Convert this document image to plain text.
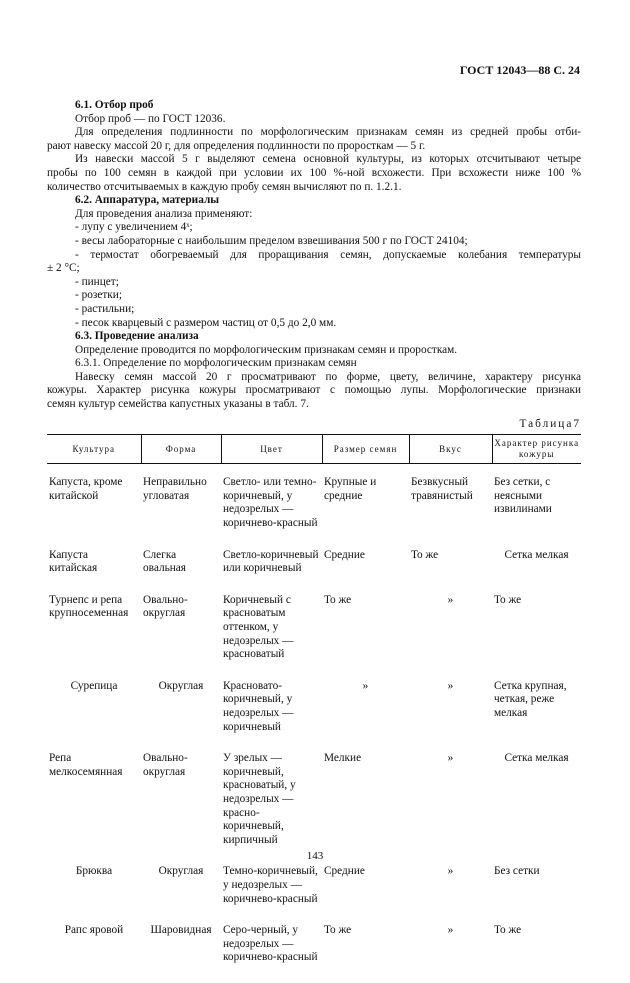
ГОСТ 12043—88 С. 24
6.1. Отбор проб
Отбор проб — по ГОСТ 12036.
Для определения подлинности по морфологическим признакам семян из средней пробы отби-
рают навеску массой 20 г, для определения подлинности по проросткам — 5 г.
Из навески массой 5 г выделяют семена основной культуры, из которых отсчитывают четыре
пробы по 100 семян в каждой при условии их 100 %-ной всхожести. При всхожести ниже 100 %
количество отсчитываемых в каждую пробу семян вычисляют по п. 1.2.1.
6.2. Аппаратура, материалы
Для проведения анализа применяют:
- лупу с увеличением 4ˣ;
- весы лабораторные с наибольшим пределом взвешивания 500 г по ГОСТ 24104;
- термостат обогреваемый для проращивания семян, допускаемые колебания температуры
± 2 °С;
- пинцет;
- розетки;
- растильни;
- песок кварцевый с размером частиц от 0,5 до 2,0 мм.
6.3. Проведение анализа
Определение проводится по морфологическим признакам семян и проросткам.
6.3.1. Определение по морфологическим признакам семян
Навеску семян массой 20 г просматривают по форме, цвету, величине, характеру рисунка
кожуры. Характер рисунка кожуры просматривают с помощью лупы. Морфологические признаки
семян культур семейства капустных указаны в табл. 7.
Таблица7
Культура	Форма	Цвет	Размер семян	Вкус	Характер рисунка кожуры
Капуста, кроме китайской	Неправильно угловатая	Светло- или темно-коричневый, у недозрелых — коричнево-красный	Крупные и средние	Безвкусный травянистый	Без сетки, с неясными извилинами
Капуста китайская	Слегка овальная	Светло-коричневый или коричневый	Средние	То же	Сетка мелкая
Турнепс и репа крупносеменная	Овально-округлая	Коричневый с красноватым оттенком, у недозрелых — красноватый	То же	»	То же
Сурепица	Округлая	Красновато-коричневый, у недозрелых — коричневый	»	»	Сетка крупная, четкая, реже мелкая
Репа мелкосемянная	Овально-округлая	У зрелых — коричневый, красноватый, у недозрелых — красно-коричневый, кирпичный	Мелкие	»	Сетка мелкая
Брюква	Округлая	Темно-коричневый, у недозрелых — коричнево-красный	Средние	»	Без сетки
Рапс яровой	Шаровидная	Серо-черный, у недозрелых — коричнево-красный	То же	»	То же
143
